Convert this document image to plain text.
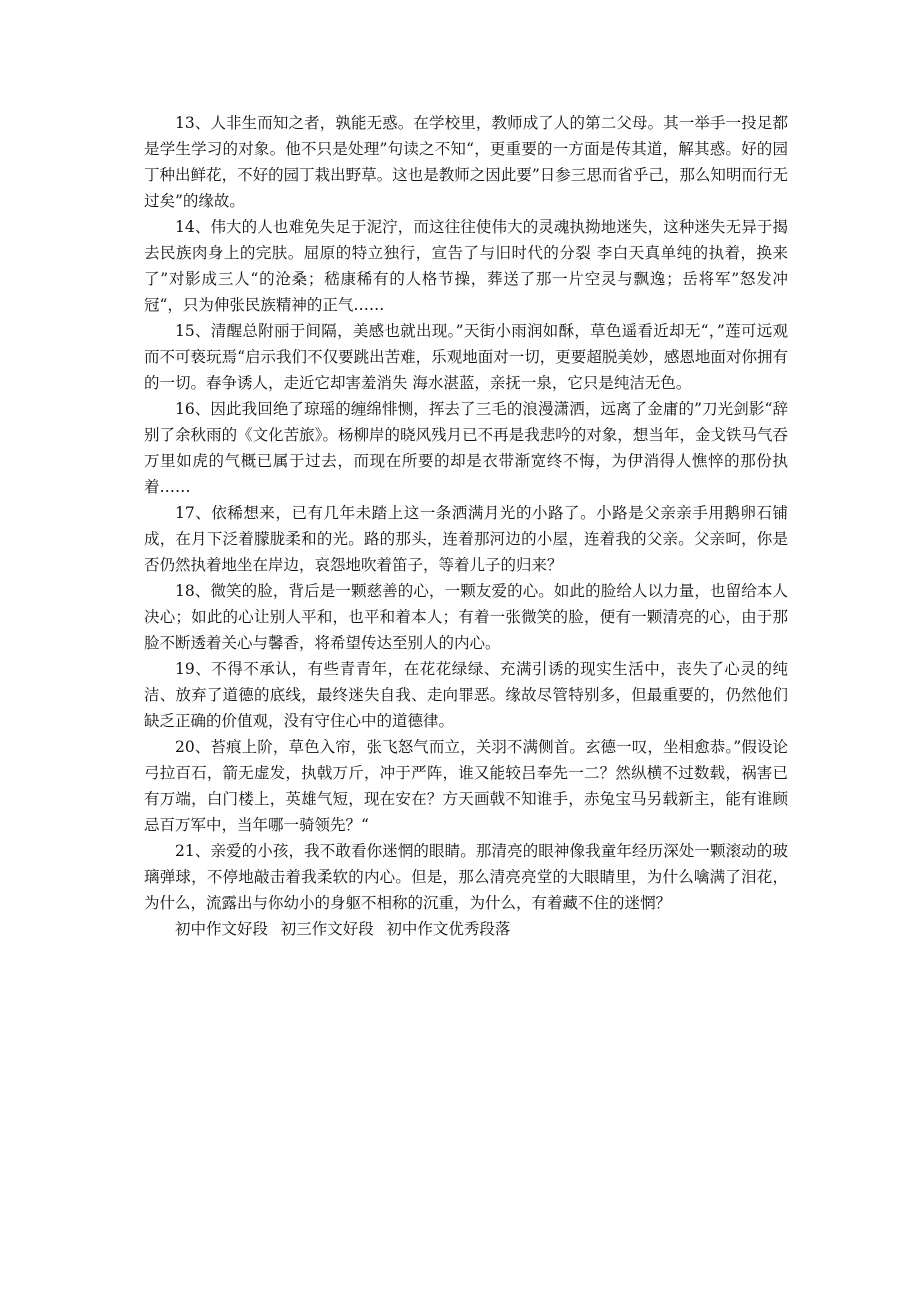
13、人非生而知之者，孰能无惑。在学校里，教师成了人的第二父母。其一举手一投足都是学生学习的对象。他不只是处理”句读之不知“，更重要的一方面是传其道，解其惑。好的园丁种出鲜花，不好的园丁栽出野草。这也是教师之因此要”日参三思而省乎己，那么知明而行无过矣”的缘故。

14、伟大的人也难免失足于泥泞，而这往往使伟大的灵魂执拗地迷失，这种迷失无异于揭去民族肉身上的完肤。屈原的特立独行，宣告了与旧时代的分裂 李白天真单纯的执着，换来了”对影成三人“的沧桑；嵇康稀有的人格节操，葬送了那一片空灵与飘逸；岳将军”怒发冲冠“，只为伸张民族精神的正气……

15、清醒总附丽于间隔，美感也就出现。”天街小雨润如酥，草色遥看近却无“，”莲可远观而不可亵玩焉“启示我们不仅要跳出苦难，乐观地面对一切，更要超脱美妙，感恩地面对你拥有的一切。春争诱人，走近它却害羞消失 海水湛蓝，亲抚一泉，它只是纯洁无色。

16、因此我回绝了琼瑶的缠绵悱恻，挥去了三毛的浪漫潇洒，远离了金庸的”刀光剑影“辞别了余秋雨的《文化苦旅》。杨柳岸的晓风残月已不再是我悲吟的对象，想当年，金戈铁马气吞万里如虎的气概已属于过去，而现在所要的却是衣带渐宽终不悔，为伊消得人憔悴的那份执着……

17、依稀想来，已有几年未踏上这一条洒满月光的小路了。小路是父亲亲手用鹅卵石铺成，在月下泛着朦胧柔和的光。路的那头，连着那河边的小屋，连着我的父亲。父亲呵，你是否仍然执着地坐在岸边，哀怨地吹着笛子，等着儿子的归来？

18、微笑的脸，背后是一颗慈善的心，一颗友爱的心。如此的脸给人以力量，也留给本人决心；如此的心让别人平和，也平和着本人；有着一张微笑的脸，便有一颗清亮的心，由于那脸不断透着关心与馨香，将希望传达至别人的内心。

19、不得不承认，有些青青年，在花花绿绿、充满引诱的现实生活中，丧失了心灵的纯洁、放弃了道德的底线，最终迷失自我、走向罪恶。缘故尽管特别多，但最重要的，仍然他们缺乏正确的价值观，没有守住心中的道德律。

20、苔痕上阶，草色入帘，张飞怒气而立，关羽不满侧首。玄德一叹，坐相愈恭。”假设论弓拉百石，箭无虚发，执戟万斤，冲于严阵，谁又能较吕奉先一二？然纵横不过数载，祸害已有万端，白门楼上，英雄气短，现在安在？方天画戟不知谁手，赤兔宝马另载新主，能有谁顾忌百万军中，当年哪一骑领先？“

21、亲爱的小孩，我不敢看你迷惘的眼睛。那清亮的眼神像我童年经历深处一颗滚动的玻璃弹球，不停地敲击着我柔软的内心。但是，那么清亮亮堂的大眼睛里，为什么噙满了泪花，为什么，流露出与你幼小的身躯不相称的沉重，为什么，有着藏不住的迷惘？

初中作文好段 初三作文好段 初中作文优秀段落
